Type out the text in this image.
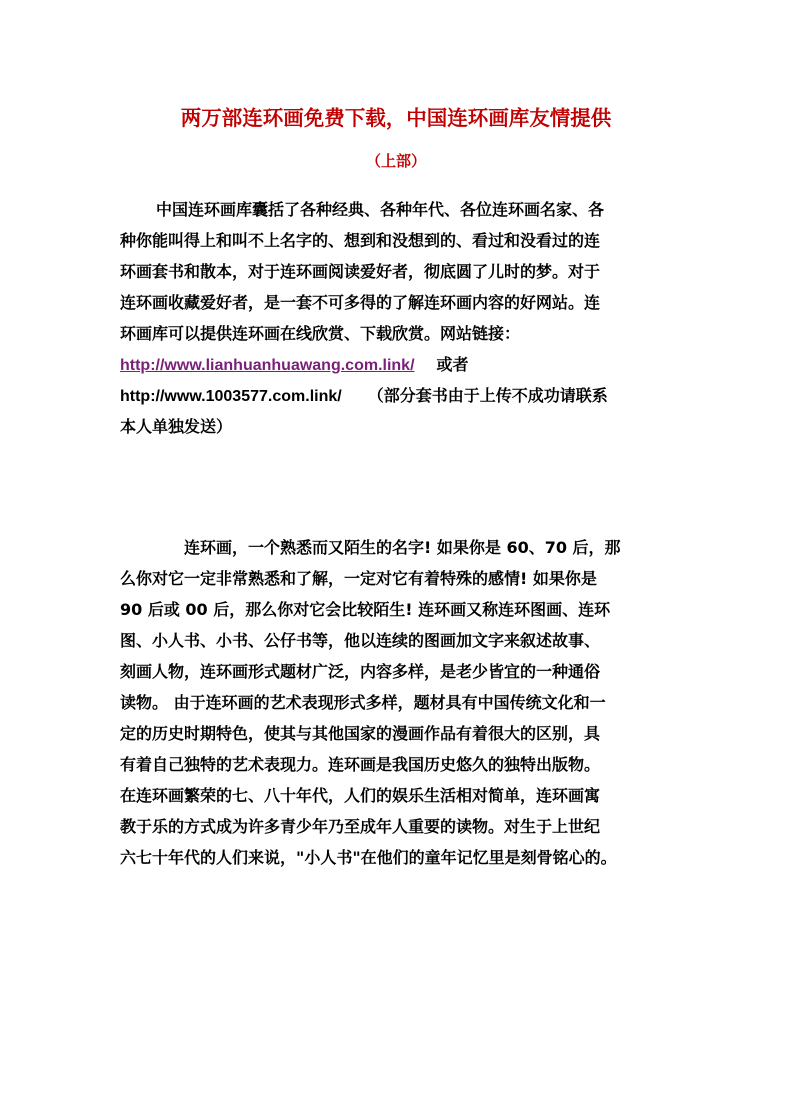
两万部连环画免费下载，中国连环画库友情提供
（上部）
中国连环画库囊括了各种经典、各种年代、各位连环画名家、各
种你能叫得上和叫不上名字的、想到和没想到的、看过和没看过的连
环画套书和散本，对于连环画阅读爱好者，彻底圆了儿时的梦。对于
连环画收藏爱好者，是一套不可多得的了解连环画内容的好网站。连
环画库可以提供连环画在线欣赏、下载欣赏。网站链接：
http://www.lianhuanhuawang.com.link/ 或者
http://www.1003577.com.link/ （部分套书由于上传不成功请联系
本人单独发送）
连环画，一个熟悉而又陌生的名字! 如果你是 60、70 后，那
么你对它一定非常熟悉和了解，一定对它有着特殊的感情! 如果你是
90 后或 00 后，那么你对它会比较陌生! 连环画又称连环图画、连环
图、小人书、小书、公仔书等，他以连续的图画加文字来叙述故事、
刻画人物，连环画形式题材广泛，内容多样，是老少皆宜的一种通俗
读物。 由于连环画的艺术表现形式多样，题材具有中国传统文化和一
定的历史时期特色，使其与其他国家的漫画作品有着很大的区别，具
有着自己独特的艺术表现力。连环画是我国历史悠久的独特出版物。
在连环画繁荣的七、八十年代，人们的娱乐生活相对简单，连环画寓
教于乐的方式成为许多青少年乃至成年人重要的读物。对生于上世纪
六七十年代的人们来说，"小人书"在他们的童年记忆里是刻骨铭心的。
